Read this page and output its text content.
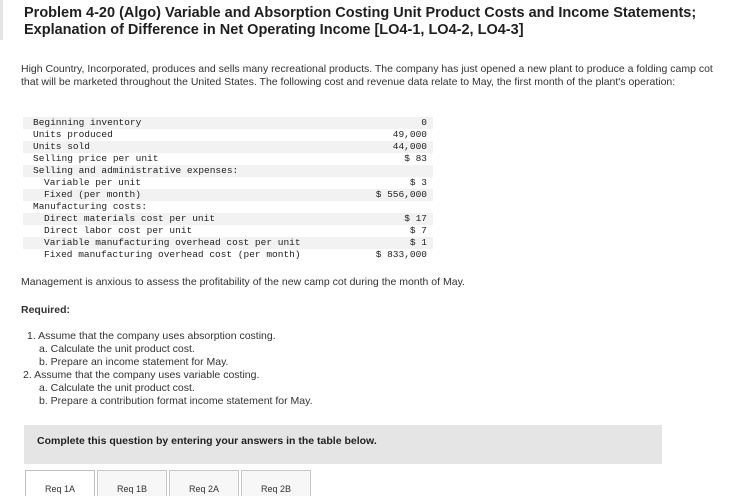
Problem 4-20 (Algo) Variable and Absorption Costing Unit Product Costs and Income Statements;
Explanation of Difference in Net Operating Income [LO4-1, LO4-2, LO4-3]
High Country, Incorporated, produces and sells many recreational products. The company has just opened a new plant to produce a folding camp cot that will be marketed throughout the United States. The following cost and revenue data relate to May, the first month of the plant's operation:
Beginning inventory	0
Units produced	49,000
Units sold	44,000
Selling price per unit	$ 83
Selling and administrative expenses:	
Variable per unit	$ 3
Fixed (per month)	$ 556,000
Manufacturing costs:	
Direct materials cost per unit	$ 17
Direct labor cost per unit	$ 7
Variable manufacturing overhead cost per unit	$ 1
Fixed manufacturing overhead cost (per month)	$ 833,000
Management is anxious to assess the profitability of the new camp cot during the month of May.
Required:
1. Assume that the company uses absorption costing.
a. Calculate the unit product cost.
b. Prepare an income statement for May.
2. Assume that the company uses variable costing.
a. Calculate the unit product cost.
b. Prepare a contribution format income statement for May.
Complete this question by entering your answers in the table below.
Req 1A	Req 1B	Req 2A	Req 2B
